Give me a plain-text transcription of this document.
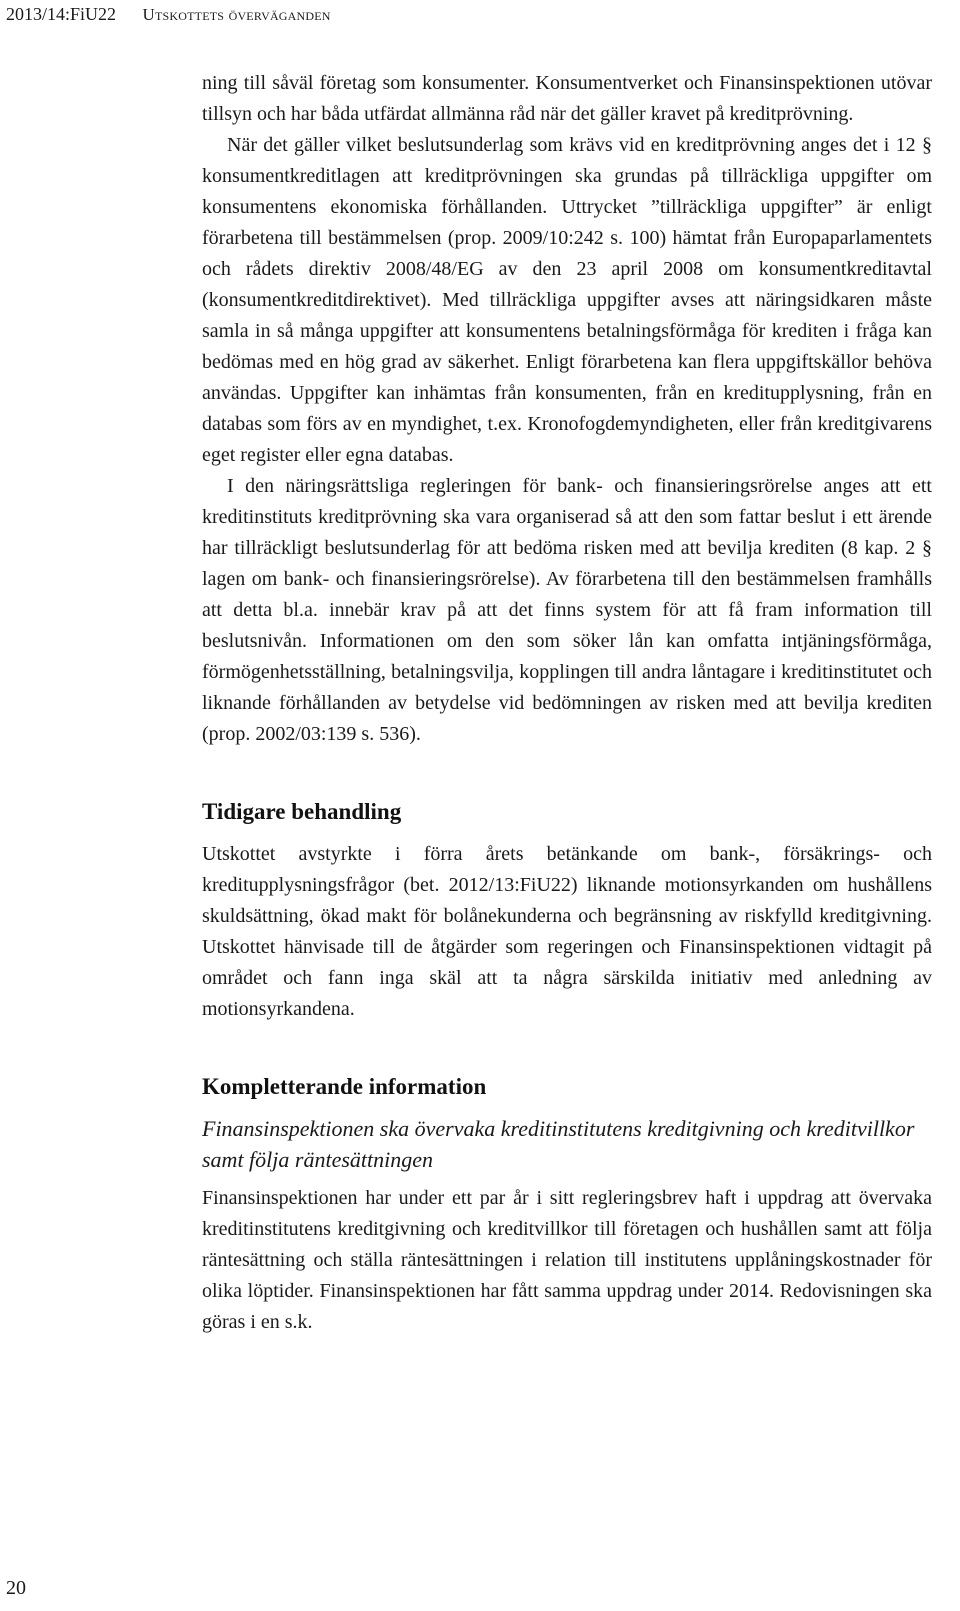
2013/14:FiU22 Utskottets överväganden

ning till såväl företag som konsumenter. Konsumentverket och Finansinspektionen utövar tillsyn och har båda utfärdat allmänna råd när det gäller kravet på kreditprövning.

När det gäller vilket beslutsunderlag som krävs vid en kreditprövning anges det i 12 § konsumentkreditlagen att kreditprövningen ska grundas på tillräckliga uppgifter om konsumentens ekonomiska förhållanden. Uttrycket ”tillräckliga uppgifter” är enligt förarbetena till bestämmelsen (prop. 2009/10:242 s. 100) hämtat från Europaparlamentets och rådets direktiv 2008/48/EG av den 23 april 2008 om konsumentkreditavtal (konsumentkreditdirektivet). Med tillräckliga uppgifter avses att näringsidkaren måste samla in så många uppgifter att konsumentens betalningsförmåga för krediten i fråga kan bedömas med en hög grad av säkerhet. Enligt förarbetena kan flera uppgiftskällor behöva användas. Uppgifter kan inhämtas från konsumenten, från en kreditupplysning, från en databas som förs av en myndighet, t.ex. Kronofogdemyndigheten, eller från kreditgivarens eget register eller egna databas.

I den näringsrättsliga regleringen för bank- och finansieringsrörelse anges att ett kreditinstituts kreditprövning ska vara organiserad så att den som fattar beslut i ett ärende har tillräckligt beslutsunderlag för att bedöma risken med att bevilja krediten (8 kap. 2 § lagen om bank- och finansieringsrörelse). Av förarbetena till den bestämmelsen framhålls att detta bl.a. innebär krav på att det finns system för att få fram information till beslutsnivån. Informationen om den som söker lån kan omfatta intjäningsförmåga, förmögenhetsställning, betalningsvilja, kopplingen till andra låntagare i kreditinstitutet och liknande förhållanden av betydelse vid bedömningen av risken med att bevilja krediten (prop. 2002/03:139 s. 536).

Tidigare behandling

Utskottet avstyrkte i förra årets betänkande om bank-, försäkrings- och kreditupplysningsfrågor (bet. 2012/13:FiU22) liknande motionsyrkanden om hushållens skuldsättning, ökad makt för bolånekunderna och begränsning av riskfylld kreditgivning. Utskottet hänvisade till de åtgärder som regeringen och Finansinspektionen vidtagit på området och fann inga skäl att ta några särskilda initiativ med anledning av motionsyrkandena.

Kompletterande information
Finansinspektionen ska övervaka kreditinstitutens kreditgivning och kreditvillkor samt följa räntesättningen

Finansinspektionen har under ett par år i sitt regleringsbrev haft i uppdrag att övervaka kreditinstitutens kreditgivning och kreditvillkor till företagen och hushållen samt att följa räntesättning och ställa räntesättningen i relation till institutens upplåningskostnader för olika löptider. Finansinspektionen har fått samma uppdrag under 2014. Redovisningen ska göras i en s.k.

20
